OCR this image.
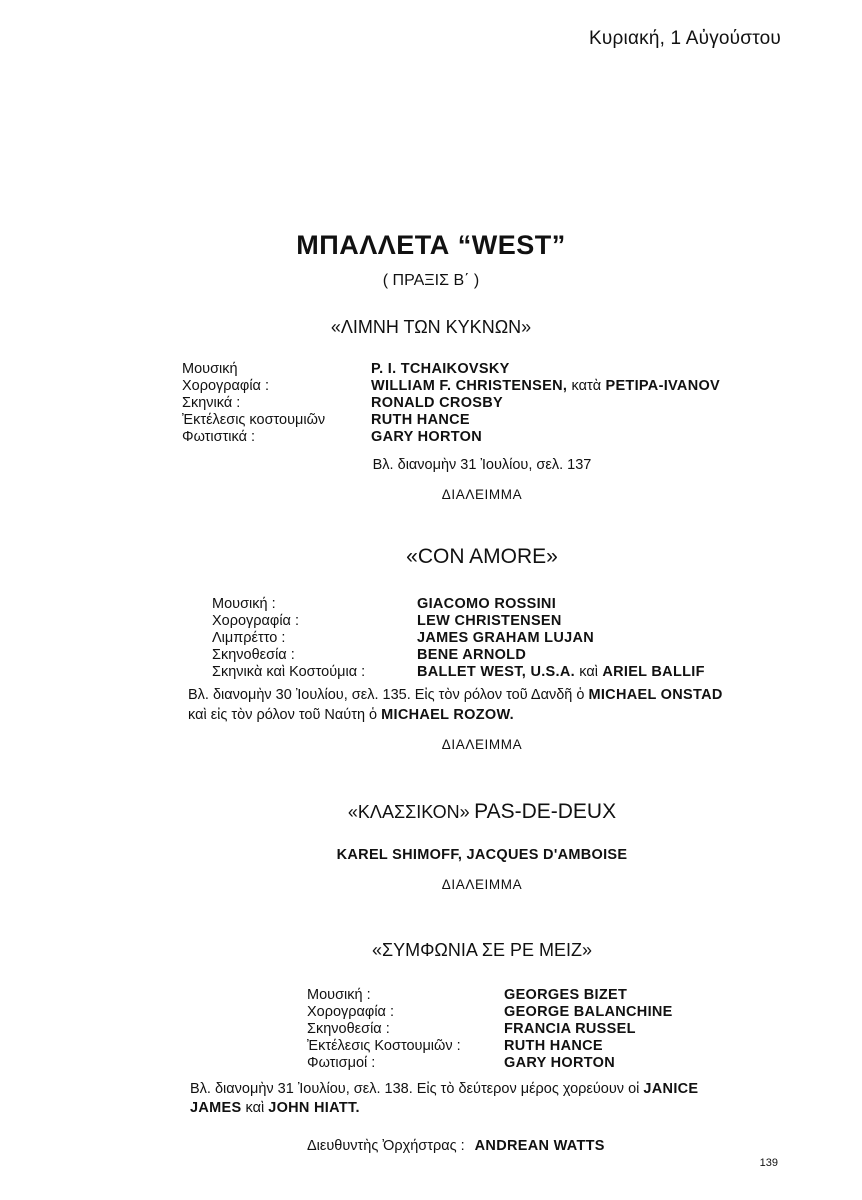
Κυριακή, 1 Αὐγούστου
ΜΠΑΛΛΕΤΑ “WEST”
( ΠΡΑΞΙΣ Β΄ )
«ΛΙΜΝΗ ΤΩΝ ΚΥΚΝΩΝ»
Μουσική	P. I. TCHAIKOVSKY
Χορογραφία :	WILLIAM F. CHRISTENSEN, κατὰ PETIPA-IVANOV
Σκηνικά :	RONALD CROSBY
Ἐκτέλεσις κοστουμιῶν	RUTH HANCE
Φωτιστικά :	GARY HORTON
Βλ. διανομὴν 31 Ἰουλίου, σελ. 137
ΔΙΑΛΕΙΜΜΑ
«CON AMORE»
Μουσική :	GIACOMO ROSSINI
Χορογραφία :	LEW CHRISTENSEN
Λιμπρέττο :	JAMES GRAHAM LUJAN
Σκηνοθεσία :	BENE ARNOLD
Σκηνικὰ καὶ Κοστούμια :	BALLET WEST, U.S.A. καὶ ARIEL BALLIF
Βλ. διανομὴν 30 Ἰουλίου, σελ. 135. Εἰς τὸν ρόλον τοῦ Δανδῆ ὁ MICHAEL ONSTAD
καὶ εἰς τὸν ρόλον τοῦ Ναύτη ὁ MICHAEL ROZOW.
ΔΙΑΛΕΙΜΜΑ
«ΚΛΑΣΣΙΚΟΝ» PAS-DE-DEUX
KAREL SHIMOFF, JACQUES D'AMBOISE
ΔΙΑΛΕΙΜΜΑ
«ΣΥΜΦΩΝΙΑ ΣΕ ΡΕ ΜΕΙΖ»
Μουσική :	GEORGES BIZET
Χορογραφία :	GEORGE BALANCHINE
Σκηνοθεσία :	FRANCIA RUSSEL
Ἐκτέλεσις Κοστουμιῶν :	RUTH HANCE
Φωτισμοί :	GARY HORTON
Βλ. διανομὴν 31 Ἰουλίου, σελ. 138. Εἰς τὸ δεύτερον μέρος χορεύουν οἱ JANICE
JAMES καὶ JOHN HIATT.
Διευθυντὴς Ὀρχήστρας : ANDREAN WATTS
139
